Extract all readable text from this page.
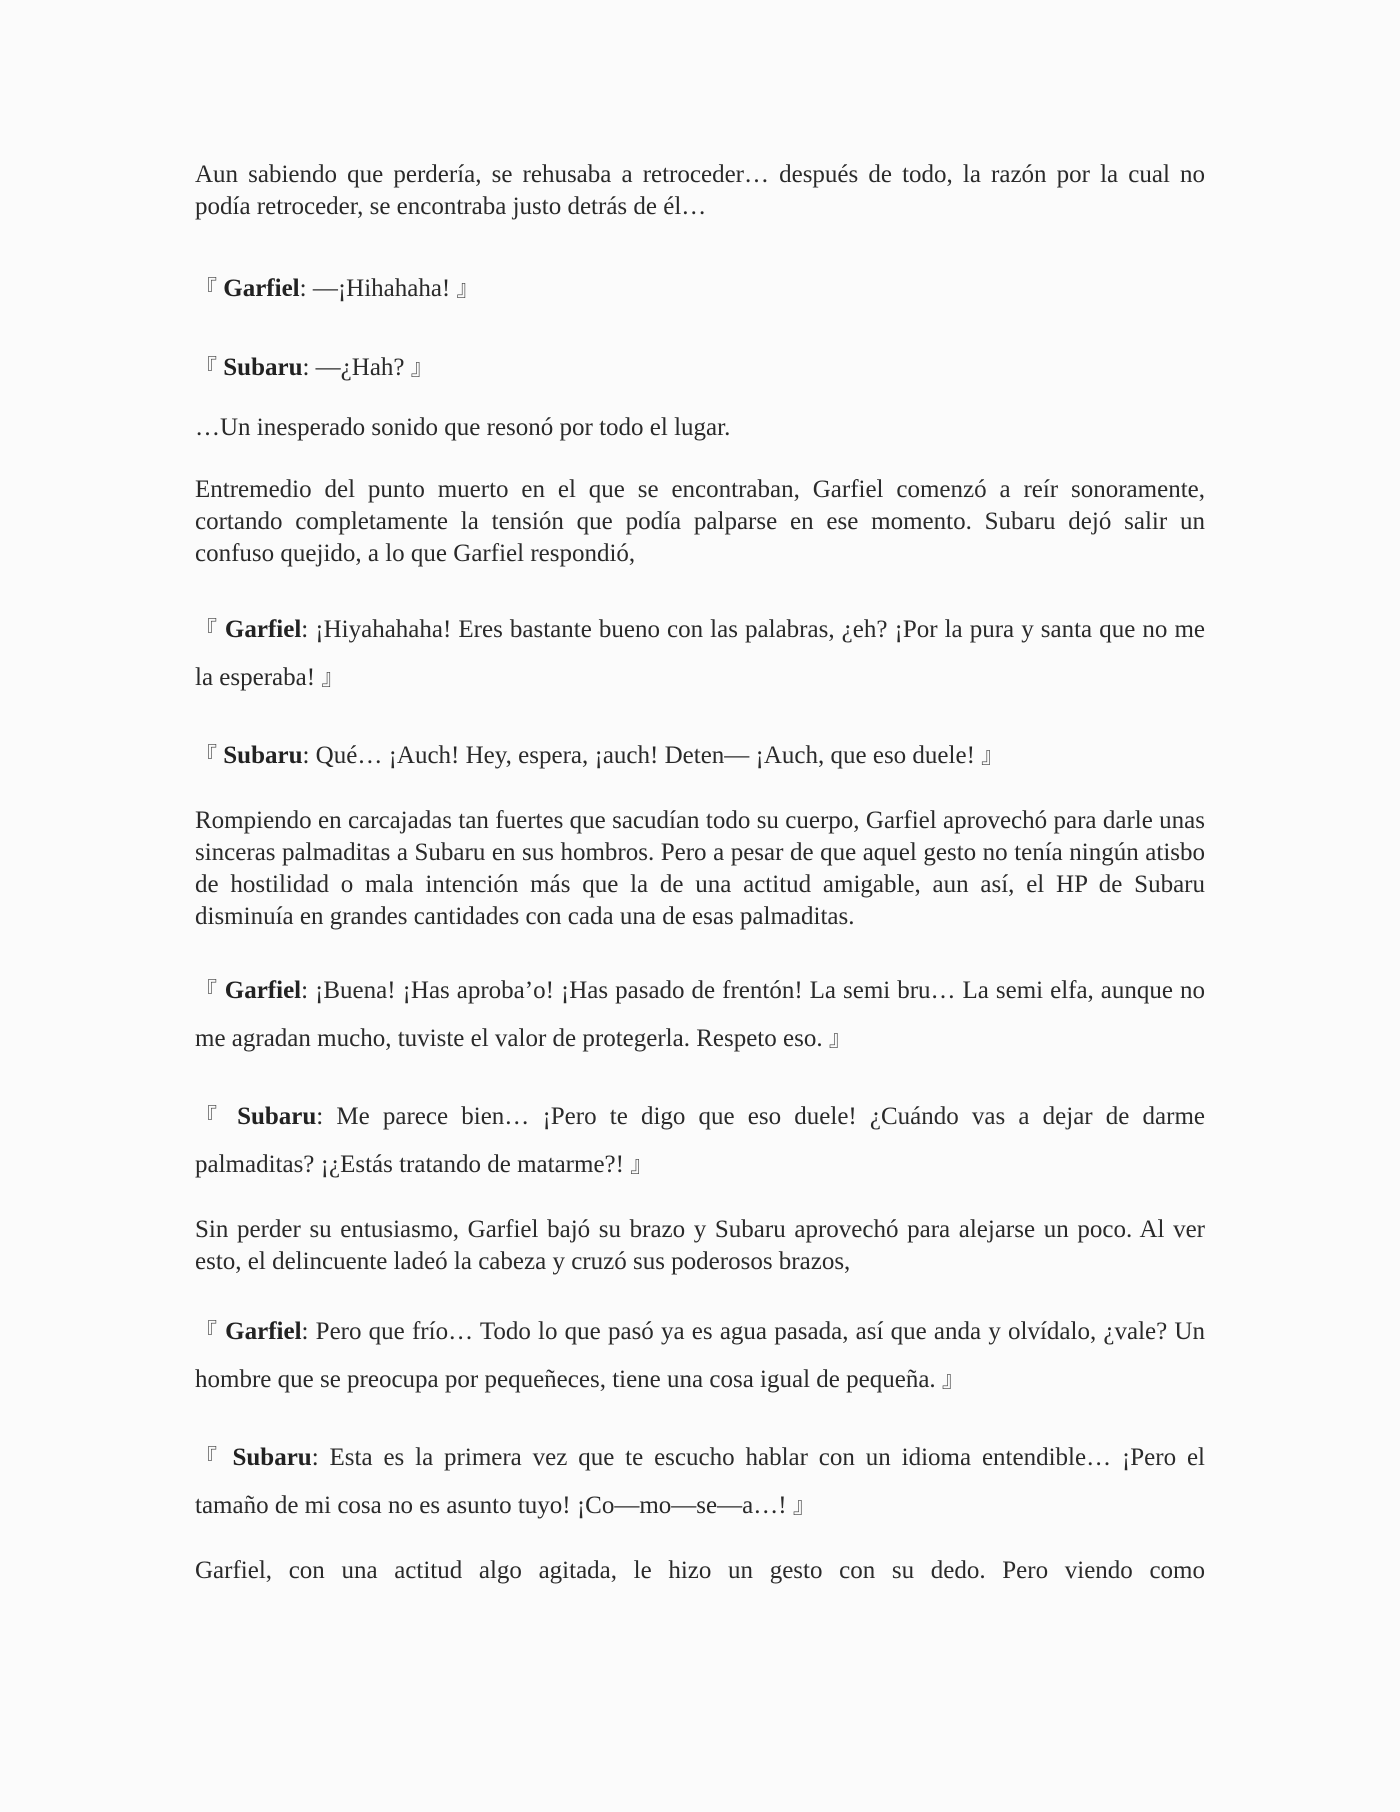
Aun sabiendo que perdería, se rehusaba a retroceder… después de todo, la razón por la cual no podía retroceder, se encontraba justo detrás de él…

『 Garfiel: —¡Hihahaha! 』

『 Subaru: —¿Hah? 』

…Un inesperado sonido que resonó por todo el lugar.

Entremedio del punto muerto en el que se encontraban, Garfiel comenzó a reír sonoramente, cortando completamente la tensión que podía palparse en ese momento. Subaru dejó salir un confuso quejido, a lo que Garfiel respondió,

『 Garfiel: ¡Hiyahahaha! Eres bastante bueno con las palabras, ¿eh? ¡Por la pura y santa que no me la esperaba! 』

『 Subaru: Qué… ¡Auch! Hey, espera, ¡auch! Deten— ¡Auch, que eso duele! 』

Rompiendo en carcajadas tan fuertes que sacudían todo su cuerpo, Garfiel aprovechó para darle unas sinceras palmaditas a Subaru en sus hombros. Pero a pesar de que aquel gesto no tenía ningún atisbo de hostilidad o mala intención más que la de una actitud amigable, aun así, el HP de Subaru disminuía en grandes cantidades con cada una de esas palmaditas.

『 Garfiel: ¡Buena! ¡Has aproba’o! ¡Has pasado de frentón! La semi bru… La semi elfa, aunque no me agradan mucho, tuviste el valor de protegerla. Respeto eso. 』

『 Subaru: Me parece bien… ¡Pero te digo que eso duele! ¿Cuándo vas a dejar de darme palmaditas? ¡¿Estás tratando de matarme?! 』

Sin perder su entusiasmo, Garfiel bajó su brazo y Subaru aprovechó para alejarse un poco. Al ver esto, el delincuente ladeó la cabeza y cruzó sus poderosos brazos,

『 Garfiel: Pero que frío… Todo lo que pasó ya es agua pasada, así que anda y olvídalo, ¿vale? Un hombre que se preocupa por pequeñeces, tiene una cosa igual de pequeña. 』

『 Subaru: Esta es la primera vez que te escucho hablar con un idioma entendible… ¡Pero el tamaño de mi cosa no es asunto tuyo! ¡Co—mo—se—a…! 』

Garfiel, con una actitud algo agitada, le hizo un gesto con su dedo. Pero viendo como
